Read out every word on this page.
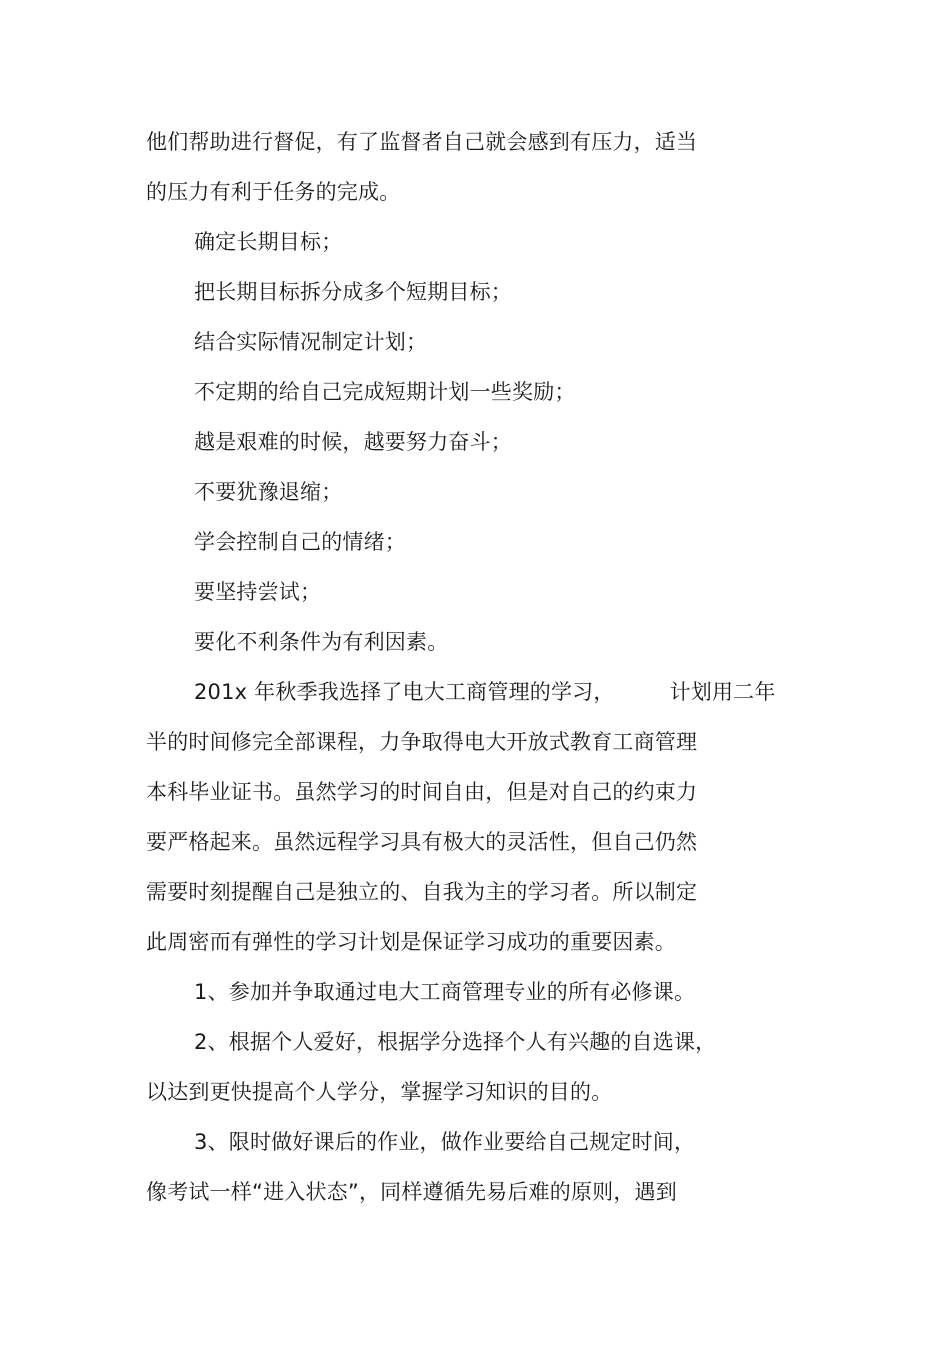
他们帮助进行督促，有了监督者自己就会感到有压力，适当
的压力有利于任务的完成。
确定长期目标；
把长期目标拆分成多个短期目标；
结合实际情况制定计划；
不定期的给自己完成短期计划一些奖励；
越是艰难的时候，越要努力奋斗；
不要犹豫退缩；
学会控制自己的情绪；
要坚持尝试；
要化不利条件为有利因素。
201x 年秋季我选择了电大工商管理的学习，        计划用二年
半的时间修完全部课程，力争取得电大开放式教育工商管理
本科毕业证书。虽然学习的时间自由，但是对自己的约束力
要严格起来。虽然远程学习具有极大的灵活性，但自己仍然
需要时刻提醒自己是独立的、自我为主的学习者。所以制定
此周密而有弹性的学习计划是保证学习成功的重要因素。
1、参加并争取通过电大工商管理专业的所有必修课。
2、根据个人爱好，根据学分选择个人有兴趣的自选课，
以达到更快提高个人学分，掌握学习知识的目的。
3、限时做好课后的作业，做作业要给自己规定时间，
像考试一样“进入状态”，同样遵循先易后难的原则，遇到
